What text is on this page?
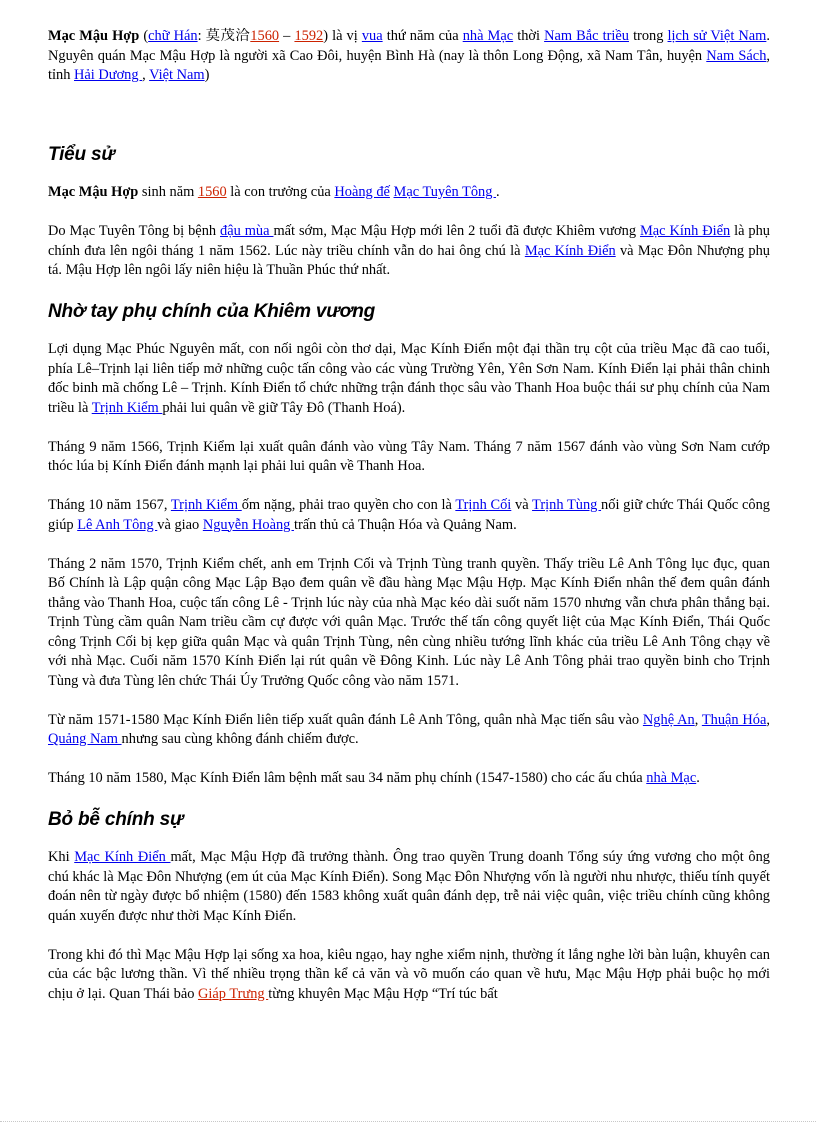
Mạc Mậu Hợp (chữ Hán: 莫茂洽1560 – 1592) là vị vua thứ năm của nhà Mạc thời Nam Bắc triều trong lịch sử Việt Nam. Nguyên quán Mạc Mậu Hợp là người xã Cao Đôi, huyện Bình Hà (nay là thôn Long Động, xã Nam Tân, huyện Nam Sách, tỉnh Hải Dương , Việt Nam)

Tiểu sử

Mạc Mậu Hợp sinh năm 1560 là con trưởng của Hoàng đế Mạc Tuyên Tông .

Do Mạc Tuyên Tông bị bệnh đậu mùa mất sớm, Mạc Mậu Hợp mới lên 2 tuổi đã được Khiêm vương Mạc Kính Điển là phụ chính đưa lên ngôi tháng 1 năm 1562. Lúc này triều chính vẫn do hai ông chú là Mạc Kính Điển và Mạc Đôn Nhượng phụ tá. Mậu Hợp lên ngôi lấy niên hiệu là Thuần Phúc thứ nhất.

Nhờ tay phụ chính của Khiêm vương

Lợi dụng Mạc Phúc Nguyên mất, con nối ngôi còn thơ dại, Mạc Kính Điển một đại thần trụ cột của triều Mạc đã cao tuổi, phía Lê–Trịnh lại liên tiếp mở những cuộc tấn công vào các vùng Trường Yên, Yên Sơn Nam. Kính Điển lại phải thân chinh đốc binh mã chống Lê – Trịnh. Kính Điển tổ chức những trận đánh thọc sâu vào Thanh Hoa buộc thái sư phụ chính của Nam triều là Trịnh Kiểm phải lui quân về giữ Tây Đô (Thanh Hoá).

Tháng 9 năm 1566, Trịnh Kiểm lại xuất quân đánh vào vùng Tây Nam. Tháng 7 năm 1567 đánh vào vùng Sơn Nam cướp thóc lúa bị Kính Điển đánh mạnh lại phải lui quân về Thanh Hoa.

Tháng 10 năm 1567, Trịnh Kiểm ốm nặng, phải trao quyền cho con là Trịnh Cối và Trịnh Tùng nối giữ chức Thái Quốc công giúp Lê Anh Tông và giao Nguyễn Hoàng trấn thủ cả Thuận Hóa và Quảng Nam.

Tháng 2 năm 1570, Trịnh Kiểm chết, anh em Trịnh Cối và Trịnh Tùng tranh quyền. Thấy triều Lê Anh Tông lục đục, quan Bố Chính là Lập quận công Mạc Lập Bạo đem quân về đầu hàng Mạc Mậu Hợp. Mạc Kính Điển nhân thế đem quân đánh thẳng vào Thanh Hoa, cuộc tấn công Lê - Trịnh lúc này của nhà Mạc kéo dài suốt năm 1570 nhưng vẫn chưa phân thắng bại. Trịnh Tùng cầm quân Nam triều cầm cự được với quân Mạc. Trước thế tấn công quyết liệt của Mạc Kính Điển, Thái Quốc công Trịnh Cối bị kẹp giữa quân Mạc và quân Trịnh Tùng, nên cùng nhiều tướng lĩnh khác của triều Lê Anh Tông chạy về với nhà Mạc. Cuối năm 1570 Kính Điển lại rút quân về Đông Kinh. Lúc này Lê Anh Tông phải trao quyền binh cho Trịnh Tùng và đưa Tùng lên chức Thái Úy Trưởng Quốc công vào năm 1571.

Từ năm 1571-1580 Mạc Kính Điển liên tiếp xuất quân đánh Lê Anh Tông, quân nhà Mạc tiến sâu vào Nghệ An, Thuận Hóa, Quảng Nam nhưng sau cùng không đánh chiếm được.

Tháng 10 năm 1580, Mạc Kính Điển lâm bệnh mất sau 34 năm phụ chính (1547-1580) cho các ấu chúa nhà Mạc.

Bỏ bễ chính sự

Khi Mạc Kính Điển mất, Mạc Mậu Hợp đã trưởng thành. Ông trao quyền Trung doanh Tổng súy ứng vương cho một ông chú khác là Mạc Đôn Nhượng (em út của Mạc Kính Điển). Song Mạc Đôn Nhượng vốn là người nhu nhược, thiếu tính quyết đoán nên từ ngày được bổ nhiệm (1580) đến 1583 không xuất quân đánh dẹp, trễ nải việc quân, việc triều chính cũng không quán xuyến được như thời Mạc Kính Điển.

Trong khi đó thì Mạc Mậu Hợp lại sống xa hoa, kiêu ngạo, hay nghe xiểm nịnh, thường ít lắng nghe lời bàn luận, khuyên can của các bậc lương thần. Vì thế nhiều trọng thần kể cả văn và võ muốn cáo quan về hưu, Mạc Mậu Hợp phải buộc họ mới chịu ở lại. Quan Thái bảo Giáp Trưng từng khuyên Mạc Mậu Hợp “Trí túc bất
